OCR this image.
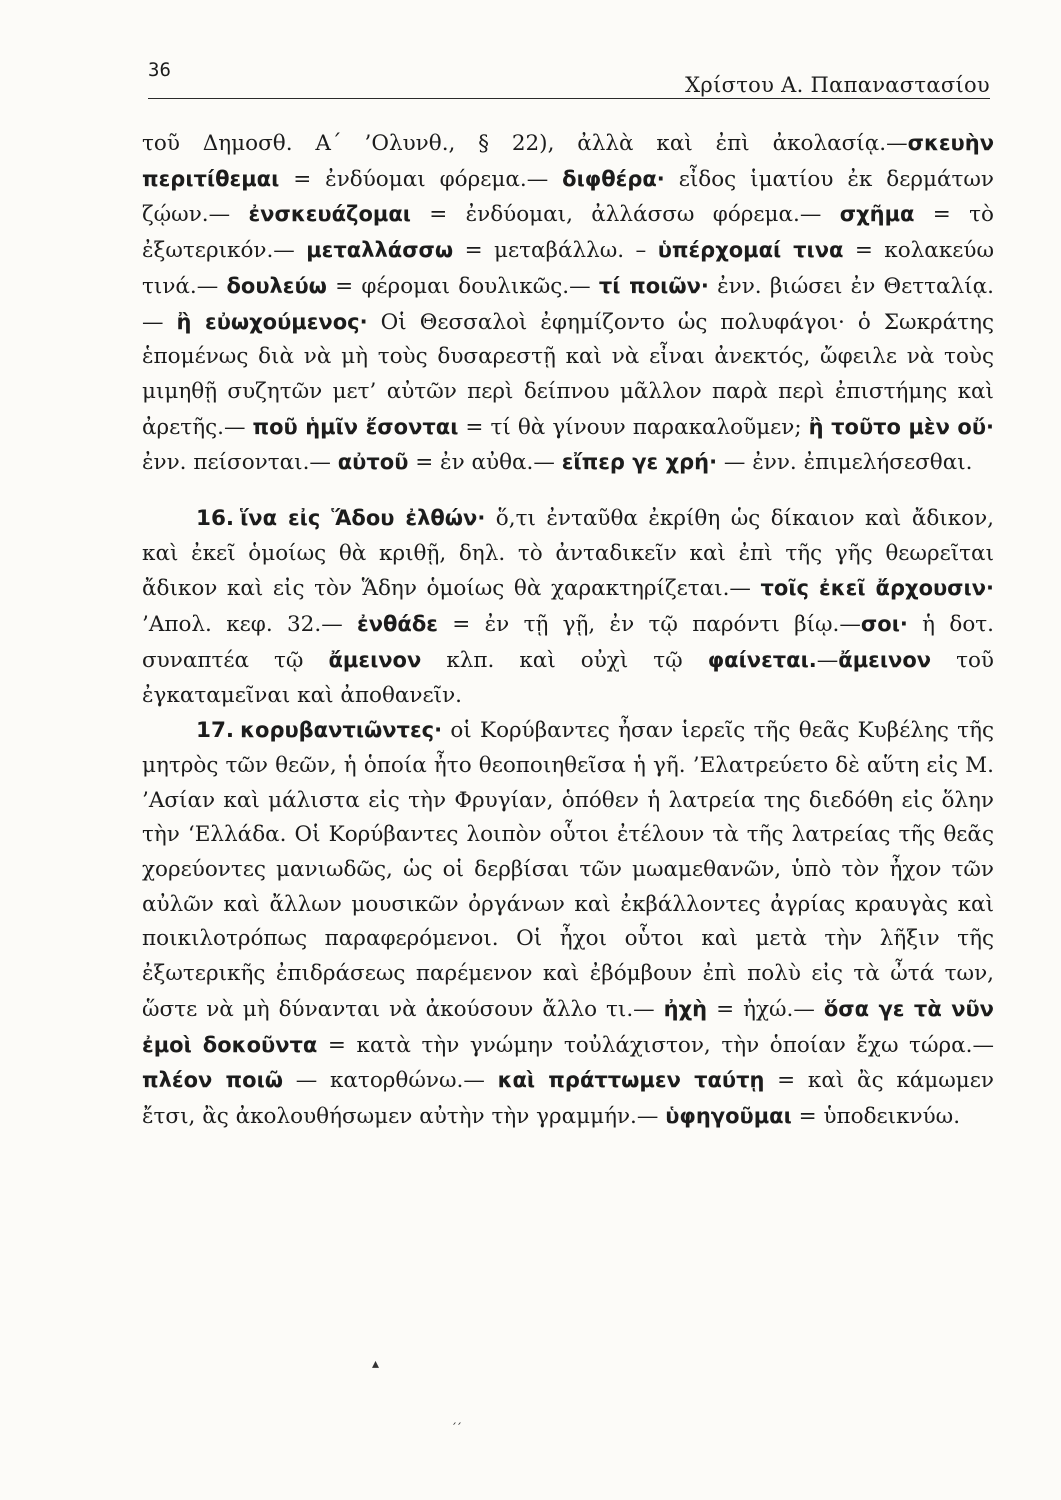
36
Χρίστου Α. Παπαναστασίου

τοῦ Δημοσθ. Α΄ ’Ολυνθ., § 22), ἀλλὰ καὶ ἐπὶ ἀκολασίᾳ.—σκευὴν περιτίθεμαι = ἐνδύομαι φόρεμα.— διφθέρα· εἶδος ἱματίου ἐκ δερμάτων ζῴων.— ἐνσκευάζομαι = ἐνδύομαι, ἀλλάσσω φόρεμα.— σχῆμα = τὸ ἐξωτερικόν.— μεταλλάσσω = μεταβάλλω. – ὑπέρχομαί τινα = κολακεύω τινά.— δουλεύω = φέρομαι δουλικῶς.— τί ποιῶν· ἐνν. βιώσει ἐν Θετταλίᾳ.— ἢ εὐωχούμενος· Οἱ Θεσσαλοὶ ἐφημίζοντο ὡς πολυφάγοι· ὁ Σωκράτης ἑπομένως διὰ νὰ μὴ τοὺς δυσαρεστῇ καὶ νὰ εἶναι ἀνεκτός, ὤφειλε νὰ τοὺς μιμηθῇ συζητῶν μετ’ αὐτῶν περὶ δείπνου μᾶλλον παρὰ περὶ ἐπιστήμης καὶ ἀρετῆς.— ποῦ ἡμῖν ἔσονται = τί θὰ γίνουν παρακαλοῦμεν; ἢ τοῦτο μὲν οὔ· ἐνν. πείσονται.— αὐτοῦ = ἐν αὐθα.— εἴπερ γε χρή· — ἐνν. ἐπιμελήσεσθαι.

16. ἵνα εἰς Ἅδου ἐλθών· ὅ,τι ἐνταῦθα ἐκρίθη ὡς δίκαιον καὶ ἄδικον, καὶ ἐκεῖ ὁμοίως θὰ κριθῇ, δηλ. τὸ ἀνταδικεῖν καὶ ἐπὶ τῆς γῆς θεωρεῖται ἄδικον καὶ εἰς τὸν Ἅδην ὁμοίως θὰ χαρακτηρίζεται.— τοῖς ἐκεῖ ἄρχουσιν· ’Απολ. κεφ. 32.— ἐνθάδε = ἐν τῇ γῇ, ἐν τῷ παρόντι βίῳ.—σοι· ἡ δοτ. συναπτέα τῷ ἄμεινον κλπ. καὶ οὐχὶ τῷ φαίνεται.—ἄμεινον τοῦ ἐγκαταμεῖναι καὶ ἀποθανεῖν.

17. κορυβαντιῶντες· οἱ Κορύβαντες ἦσαν ἱερεῖς τῆς θεᾶς Κυβέλης τῆς μητρὸς τῶν θεῶν, ἡ ὁποία ἦτο θεοποιηθεῖσα ἡ γῆ. ’Ελατρεύετο δὲ αὕτη εἰς Μ. ’Ασίαν καὶ μάλιστα εἰς τὴν Φρυγίαν, ὁπόθεν ἡ λατρεία της διεδόθη εἰς ὅλην τὴν ‘Ελλάδα. Οἱ Κορύβαντες λοιπὸν οὗτοι ἐτέλουν τὰ τῆς λατρείας τῆς θεᾶς χορεύοντες μανιωδῶς, ὡς οἱ δερβίσαι τῶν μωαμεθανῶν, ὑπὸ τὸν ἦχον τῶν αὐλῶν καὶ ἄλλων μουσικῶν ὀργάνων καὶ ἐκβάλλοντες ἀγρίας κραυγὰς καὶ ποικιλοτρόπως παραφερόμενοι. Οἱ ἦχοι οὗτοι καὶ μετὰ τὴν λῆξιν τῆς ἐξωτερικῆς ἐπιδράσεως παρέμενον καὶ ἐβόμβουν ἐπὶ πολὺ εἰς τὰ ὦτά των, ὥστε νὰ μὴ δύνανται νὰ ἀκούσουν ἄλλο τι.— ἠχὴ = ἠχώ.— ὅσα γε τὰ νῦν ἐμοὶ δοκοῦντα = κατὰ τὴν γνώμην τοὐλάχιστον, τὴν ὁποίαν ἔχω τώρα.— πλέον ποιῶ — κατορθώνω.— καὶ πράττωμεν ταύτῃ = καὶ ἂς κάμωμεν ἔτσι, ἂς ἀκολουθήσωμεν αὐτὴν τὴν γραμμήν.— ὑφηγοῦμαι = ὑποδεικνύω.

▴
׳׳
